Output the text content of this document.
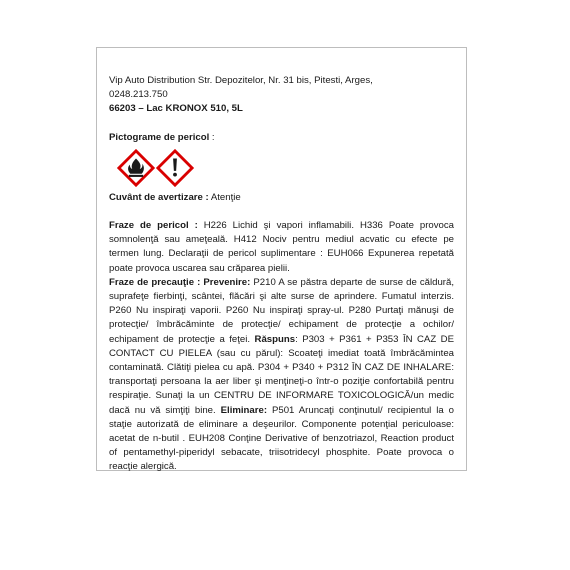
Vip Auto Distribution Str. Depozitelor, Nr. 31 bis, Pitesti, Arges,

0248.213.750

66203 – Lac KRONOX 510, 5L

Pictograme de pericol :

Cuvânt de avertizare : Atenţie

Fraze de pericol : H226 Lichid şi vapori inflamabili. H336 Poate provoca somnolenţă sau ameţeală. H412 Nociv pentru mediul acvatic cu efecte pe termen lung. Declaraţii de pericol suplimentare : EUH066 Expunerea repetată poate provoca uscarea sau crăparea pielii.

Fraze de precauţie : Prevenire: P210 A se păstra departe de surse de căldură, suprafeţe fierbinţi, scântei, flăcări şi alte surse de aprindere. Fumatul interzis. P260 Nu inspiraţi vaporii. P260 Nu inspiraţi spray-ul. P280 Purtaţi mănuşi de protecţie/ îmbrăcăminte de protecţie/ echipament de protecţie a ochilor/ echipament de protecţie a feţei. Răspuns: P303 + P361 + P353 ÎN CAZ DE CONTACT CU PIELEA (sau cu părul): Scoateţi imediat toată îmbrăcămintea contaminată. Clătiţi pielea cu apă. P304 + P340 + P312 ÎN CAZ DE INHALARE: transportaţi persoana la aer liber şi menţineţi-o într-o poziţie confortabilă pentru respiraţie. Sunaţi la un CENTRU DE INFORMARE TOXICOLOGICĂ/un medic dacă nu vă simţiţi bine. Eliminare: P501 Aruncaţi conţinutul/ recipientul la o staţie autorizată de eliminare a deşeurilor. Componente potenţial periculoase: acetat de n-butil . EUH208 Conţine Derivative of benzotriazol, Reaction product of pentamethyl-piperidyl sebacate, triisotridecyl phosphite. Poate provoca o reacţie alergică.
